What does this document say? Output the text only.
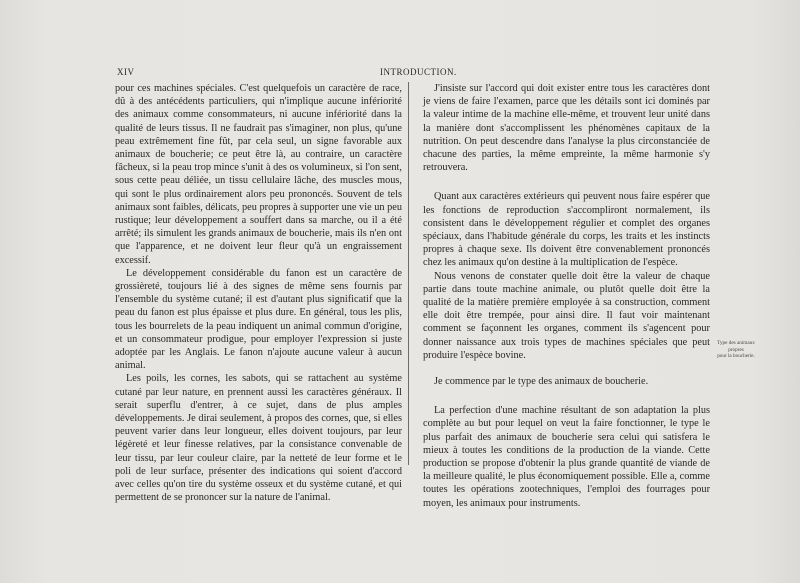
XIV	INTRODUCTION.

pour ces machines spéciales. C'est quelquefois un caractère de race, dû à des antécédents particuliers, qui n'implique aucune infériorité des animaux comme consommateurs, ni aucune infériorité dans la qualité de leurs tissus. Il ne faudrait pas s'imaginer, non plus, qu'une peau extrêmement fine fût, par cela seul, un signe favorable aux animaux de boucherie; ce peut être là, au contraire, un caractère fâcheux, si la peau trop mince s'unit à des os volumineux, si l'on sent, sous cette peau déliée, un tissu cellulaire lâche, des muscles mous, qui sont le plus ordinairement alors peu prononcés. Souvent de tels animaux sont faibles, délicats, peu propres à supporter une vie un peu rustique; leur développement a souffert dans sa marche, ou il a été arrêté; ils simulent les grands animaux de boucherie, mais ils n'en ont que l'apparence, et ne doivent leur fleur qu'à un engraissement excessif.

Le développement considérable du fanon est un caractère de grossièreté, toujours lié à des signes de même sens fournis par l'ensemble du système cutané; il est d'autant plus significatif que la peau du fanon est plus épaisse et plus dure. En général, tous les plis, tous les bourrelets de la peau indiquent un animal commun d'origine, et un consommateur prodigue, pour employer l'expression si juste adoptée par les Anglais. Le fanon n'ajoute aucune valeur à aucun animal.

Les poils, les cornes, les sabots, qui se rattachent au système cutané par leur nature, en prennent aussi les caractères généraux. Il serait superflu d'entrer, à ce sujet, dans de plus amples développements. Je dirai seulement, à propos des cornes, que, si elles peuvent varier dans leur longueur, elles doivent toujours, par leur légèreté et leur finesse relatives, par la consistance convenable de leur tissu, par leur couleur claire, par la netteté de leur forme et le poli de leur surface, présenter des indications qui soient d'accord avec celles qu'on tire du système osseux et du système cutané, et qui permettent de se prononcer sur la nature de l'animal.

J'insiste sur l'accord qui doit exister entre tous les caractères dont je viens de faire l'examen, parce que les détails sont ici dominés par la valeur intime de la machine elle-même, et trouvent leur unité dans la manière dont s'accomplissent les phénomènes capitaux de la nutrition. On peut descendre dans l'analyse la plus circonstanciée de chacune des parties, la même empreinte, la même harmonie s'y retrouvera.

Quant aux caractères extérieurs qui peuvent nous faire espérer que les fonctions de reproduction s'accompliront normalement, ils consistent dans le développement régulier et complet des organes spéciaux, dans l'habitude générale du corps, les traits et les instincts propres à chaque sexe. Ils doivent être convenablement prononcés chez les animaux qu'on destine à la multiplication de l'espèce.

Nous venons de constater quelle doit être la valeur de chaque partie dans toute machine animale, ou plutôt quelle doit être la qualité de la matière première employée à sa construction, comment elle doit être trempée, pour ainsi dire. Il faut voir maintenant comment se façonnent les organes, comment ils s'agencent pour donner naissance aux trois types de machines spéciales que peut produire l'espèce bovine.

Je commence par le type des animaux de boucherie.

La perfection d'une machine résultant de son adaptation la plus complète au but pour lequel on veut la faire fonctionner, le type le plus parfait des animaux de boucherie sera celui qui satisfera le mieux à toutes les conditions de la production de la viande. Cette production se propose d'obtenir la plus grande quantité de viande de la meilleure qualité, le plus économiquement possible. Elle a, comme toutes les opérations zootechniques, l'emploi des fourrages pour moyen, les animaux pour instruments.

Type des animaux
propres
pour la boucherie.
